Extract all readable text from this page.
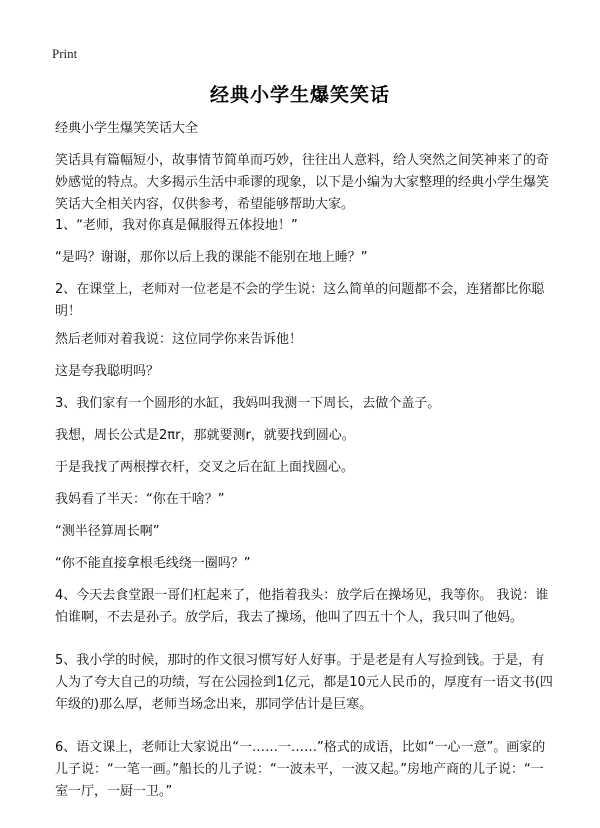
Print
经典小学生爆笑笑话

经典小学生爆笑笑话大全

笑话具有篇幅短小，故事情节简单而巧妙，往往出人意料，给人突然之间笑神来了的奇妙感觉的特点。大多揭示生活中乖谬的现象，以下是小编为大家整理的经典小学生爆笑笑话大全相关内容，仅供参考，希望能够帮助大家。

1、“老师，我对你真是佩服得五体投地！”

“是吗？谢谢，那你以后上我的课能不能别在地上睡？”

2、在课堂上，老师对一位老是不会的学生说：这么简单的问题都不会，连猪都比你聪明！

然后老师对着我说：这位同学你来告诉他！

这是夸我聪明吗？

3、我们家有一个圆形的水缸，我妈叫我测一下周长，去做个盖子。

我想，周长公式是2πr，那就要测r，就要找到圆心。

于是我找了两根撑衣杆，交叉之后在缸上面找圆心。

我妈看了半天：“你在干啥？”

“测半径算周长啊”

“你不能直接拿根毛线绕一圈吗？”

4、今天去食堂跟一哥们杠起来了，他指着我头：放学后在操场见，我等你。 我说：谁怕谁啊，不去是孙子。放学后，我去了操场，他叫了四五十个人，我只叫了他妈。

5、我小学的时候，那时的作文很习惯写好人好事。于是老是有人写捡到钱。于是，有人为了夸大自己的功绩，写在公园捡到1亿元，都是10元人民币的，厚度有一语文书(四年级的)那么厚，老师当场念出来，那同学估计是巨寒。

6、语文课上，老师让大家说出“一……一……”格式的成语，比如“一心一意”。画家的儿子说：“一笔一画。”船长的儿子说：“一波未平，一波又起。”房地产商的儿子说：“一室一厅，一厨一卫。”
